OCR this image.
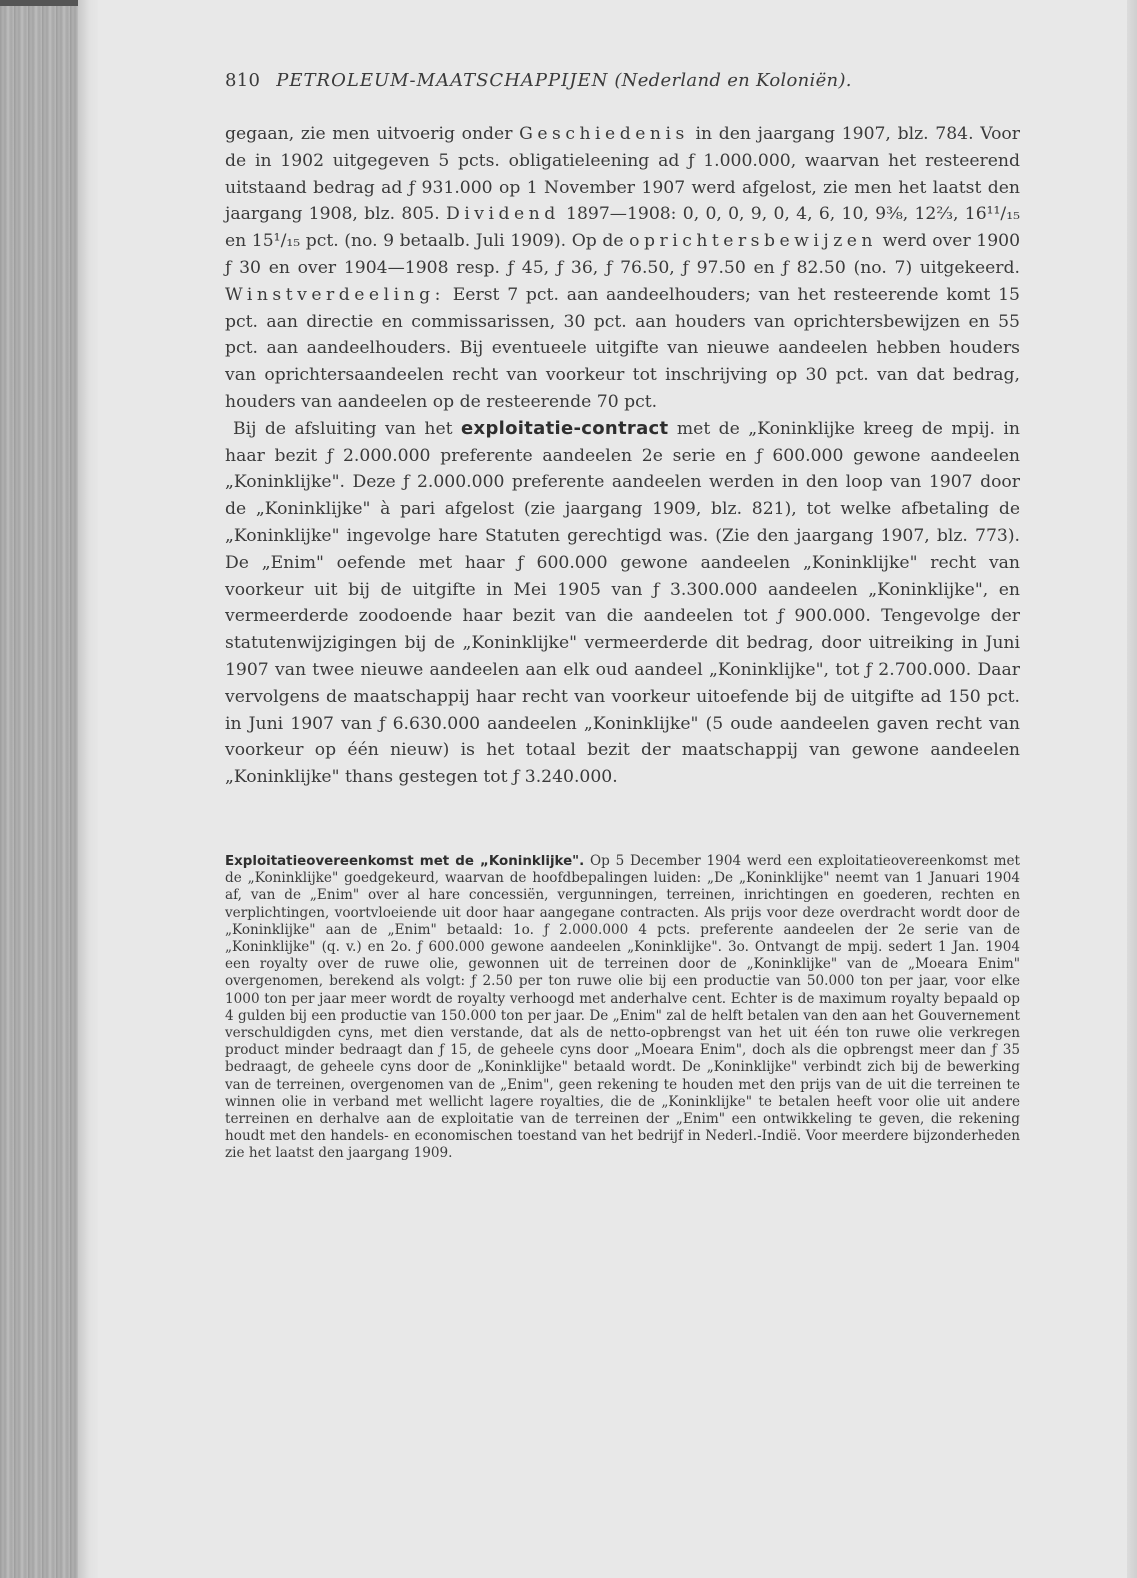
810 PETROLEUM-MAATSCHAPPIJEN (Nederland en Koloniën).

gegaan, zie men uitvoerig onder Geschiedenis in den jaargang 1907, blz. 784. Voor de in 1902 uitgegeven 5 pcts. obligatieleening ad ƒ 1.000.000, waarvan het resteerend uitstaand bedrag ad ƒ 931.000 op 1 November 1907 werd afgelost, zie men het laatst den jaargang 1908, blz. 805. Dividend 1897—1908: 0, 0, 0, 9, 0, 4, 6, 10, 9⅜, 12⅔, 16¹¹/₁₅ en 15¹/₁₅ pct. (no. 9 betaalb. Juli 1909). Op de oprichtersbewijzen werd over 1900 ƒ 30 en over 1904—1908 resp. ƒ 45, ƒ 36, ƒ 76.50, ƒ 97.50 en ƒ 82.50 (no. 7) uitgekeerd. Winstverdeeling: Eerst 7 pct. aan aandeelhouders; van het resteerende komt 15 pct. aan directie en commissarissen, 30 pct. aan houders van oprichtersbewijzen en 55 pct. aan aandeelhouders. Bij eventueele uitgifte van nieuwe aandeelen hebben houders van oprichtersaandeelen recht van voorkeur tot inschrijving op 30 pct. van dat bedrag, houders van aandeelen op de resteerende 70 pct.

Bij de afsluiting van het exploitatie-contract met de „Koninklijke kreeg de mpij. in haar bezit ƒ 2.000.000 preferente aandeelen 2e serie en ƒ 600.000 gewone aandeelen „Koninklijke". Deze ƒ 2.000.000 preferente aandeelen werden in den loop van 1907 door de „Koninklijke" à pari afgelost (zie jaargang 1909, blz. 821), tot welke afbetaling de „Koninklijke" ingevolge hare Statuten gerechtigd was. (Zie den jaargang 1907, blz. 773). De „Enim" oefende met haar ƒ 600.000 gewone aandeelen „Koninklijke" recht van voorkeur uit bij de uitgifte in Mei 1905 van ƒ 3.300.000 aandeelen „Koninklijke", en vermeerderde zoodoende haar bezit van die aandeelen tot ƒ 900.000. Tengevolge der statutenwijzigingen bij de „Koninklijke" vermeerderde dit bedrag, door uitreiking in Juni 1907 van twee nieuwe aandeelen aan elk oud aandeel „Koninklijke", tot ƒ 2.700.000. Daar vervolgens de maatschappij haar recht van voorkeur uitoefende bij de uitgifte ad 150 pct. in Juni 1907 van ƒ 6.630.000 aandeelen „Koninklijke" (5 oude aandeelen gaven recht van voorkeur op één nieuw) is het totaal bezit der maatschappij van gewone aandeelen „Koninklijke" thans gestegen tot ƒ 3.240.000.

Exploitatieovereenkomst met de „Koninklijke". Op 5 December 1904 werd een exploitatieovereenkomst met de „Koninklijke" goedgekeurd, waarvan de hoofdbepalingen luiden: „De „Koninklijke" neemt van 1 Januari 1904 af, van de „Enim" over al hare concessiën, vergunningen, terreinen, inrichtingen en goederen, rechten en verplichtingen, voortvloeiende uit door haar aangegane contracten. Als prijs voor deze overdracht wordt door de „Koninklijke" aan de „Enim" betaald: 1o. ƒ 2.000.000 4 pcts. preferente aandeelen der 2e serie van de „Koninklijke" (q. v.) en 2o. ƒ 600.000 gewone aandeelen „Koninklijke". 3o. Ontvangt de mpij. sedert 1 Jan. 1904 een royalty over de ruwe olie, gewonnen uit de terreinen door de „Koninklijke" van de „Moeara Enim" overgenomen, berekend als volgt: ƒ 2.50 per ton ruwe olie bij een productie van 50.000 ton per jaar, voor elke 1000 ton per jaar meer wordt de royalty verhoogd met anderhalve cent. Echter is de maximum royalty bepaald op 4 gulden bij een productie van 150.000 ton per jaar. De „Enim" zal de helft betalen van den aan het Gouvernement verschuldigden cyns, met dien verstande, dat als de netto-opbrengst van het uit één ton ruwe olie verkregen product minder bedraagt dan ƒ 15, de geheele cyns door „Moeara Enim", doch als die opbrengst meer dan ƒ 35 bedraagt, de geheele cyns door de „Koninklijke" betaald wordt. De „Koninklijke" verbindt zich bij de bewerking van de terreinen, overgenomen van de „Enim", geen rekening te houden met den prijs van de uit die terreinen te winnen olie in verband met wellicht lagere royalties, die de „Koninklijke" te betalen heeft voor olie uit andere terreinen en derhalve aan de exploitatie van de terreinen der „Enim" een ontwikkeling te geven, die rekening houdt met den handels- en economischen toestand van het bedrijf in Nederl.-Indië. Voor meerdere bijzonderheden zie het laatst den jaargang 1909.
